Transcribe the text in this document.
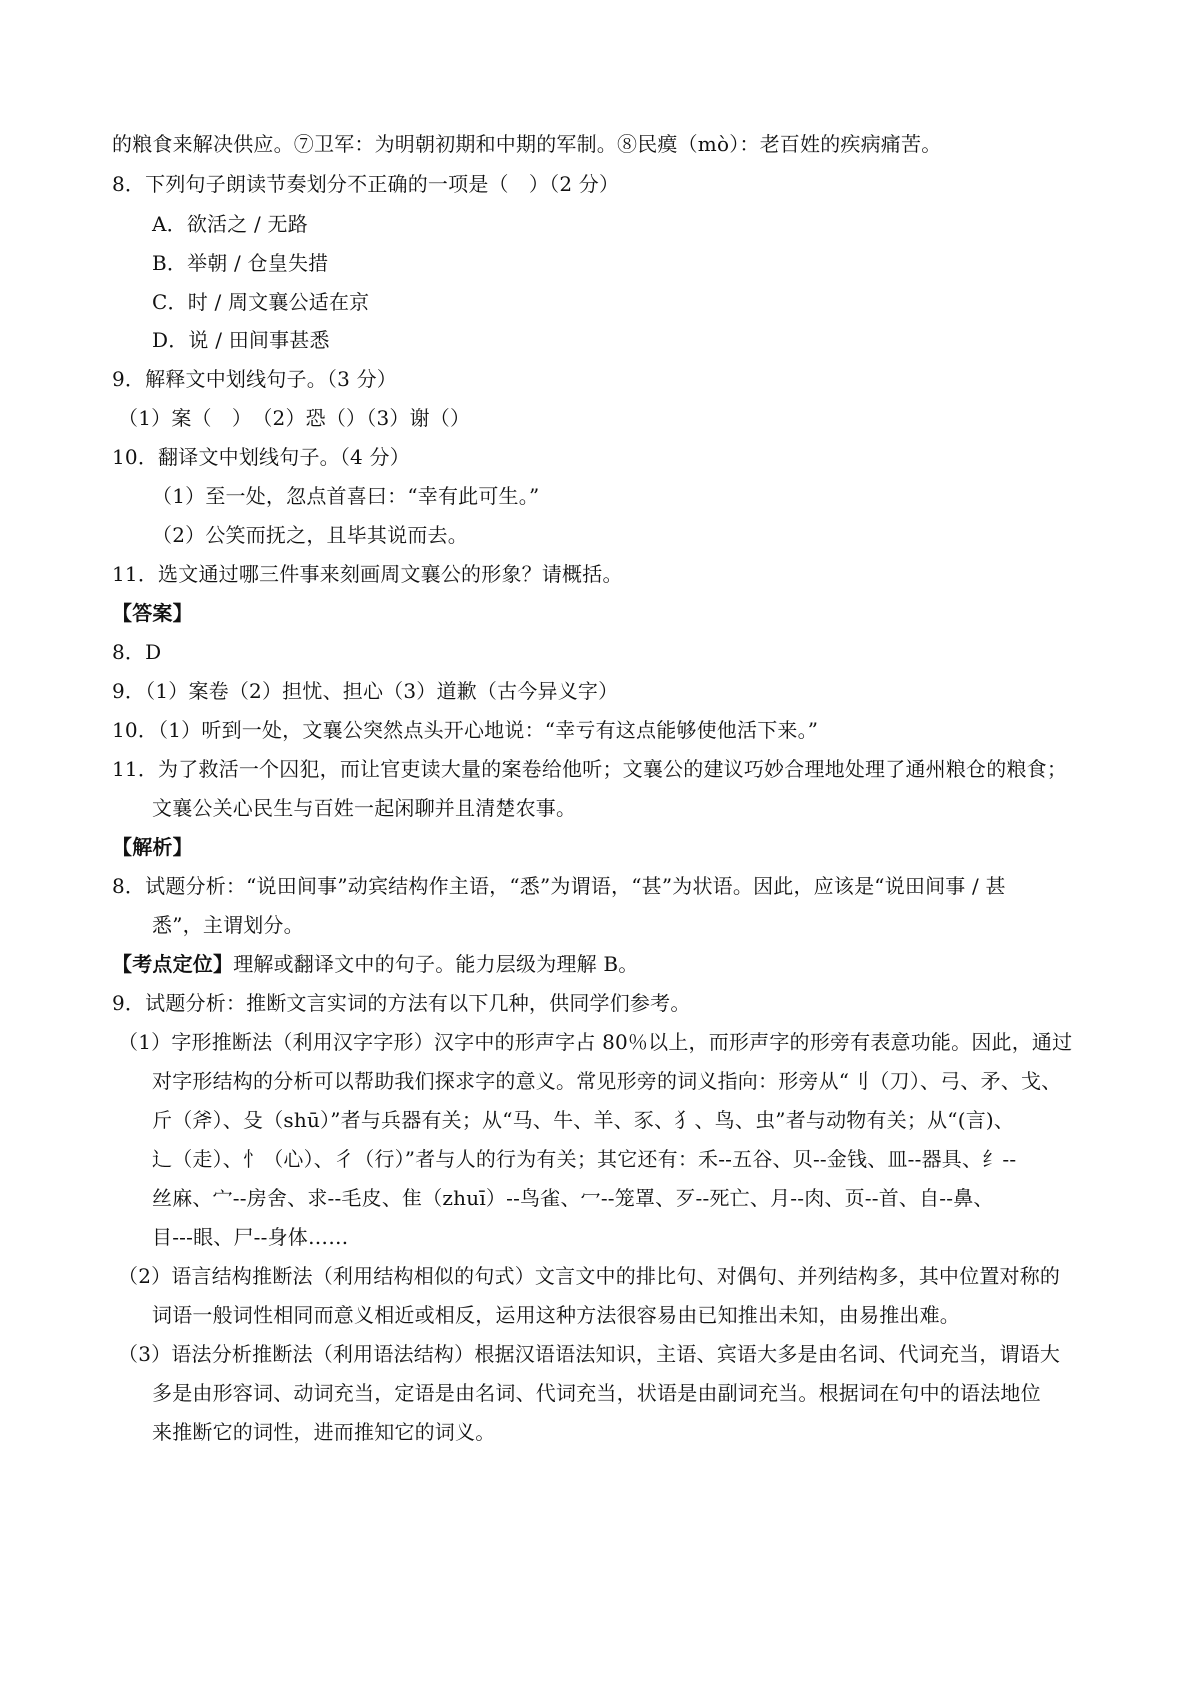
的粮食来解决供应。⑦卫军：为明朝初期和中期的军制。⑧民瘼（mò）：老百姓的疾病痛苦。
8．下列句子朗读节奏划分不正确的一项是（　）（2 分）
A．欲活之 / 无路
B．举朝 / 仓皇失措
C．时 / 周文襄公适在京
D．说 / 田间事甚悉
9．解释文中划线句子。（3 分）
（1）案（　）　（2）恐（）（3）谢（）
10．翻译文中划线句子。（4 分）
（1）至一处，忽点首喜曰：“幸有此可生。”
（2）公笑而抚之，且毕其说而去。
11．选文通过哪三件事来刻画周文襄公的形象？请概括。
【答案】
8．D
9．（1）案卷（2）担忧、担心（3）道歉（古今异义字）
10．（1）听到一处，文襄公突然点头开心地说：“幸亏有这点能够使他活下来。”
11．为了救活一个囚犯，而让官吏读大量的案卷给他听；文襄公的建议巧妙合理地处理了通州粮仓的粮食；
文襄公关心民生与百姓一起闲聊并且清楚农事。
【解析】
8．试题分析：“说田间事”动宾结构作主语，“悉”为谓语，“甚”为状语。因此，应该是“说田间事 / 甚
悉”，主谓划分。
【考点定位】理解或翻译文中的句子。能力层级为理解 B。
9．试题分析：推断文言实词的方法有以下几种，供同学们参考。
（1）字形推断法（利用汉字字形）汉字中的形声字占 80％以上，而形声字的形旁有表意功能。因此，通过
对字形结构的分析可以帮助我们探求字的意义。常见形旁的词义指向：形旁从“刂（刀）、弓、矛、戈、
斤（斧）、殳（shū）”者与兵器有关；从“马、牛、羊、豕、犭、鸟、虫”者与动物有关；从“(言)、
辶（走）、忄（心）、彳（行）”者与人的行为有关；其它还有：禾--五谷、贝--金钱、皿--器具、纟--
丝麻、宀--房舍、求--毛皮、隹（zhuī）--鸟雀、冖--笼罩、歹--死亡、月--肉、页--首、自--鼻、
目---眼、尸--身体……
（2）语言结构推断法（利用结构相似的句式）文言文中的排比句、对偶句、并列结构多，其中位置对称的
词语一般词性相同而意义相近或相反，运用这种方法很容易由已知推出未知，由易推出难。
（3）语法分析推断法（利用语法结构）根据汉语语法知识，主语、宾语大多是由名词、代词充当，谓语大
多是由形容词、动词充当，定语是由名词、代词充当，状语是由副词充当。根据词在句中的语法地位
来推断它的词性，进而推知它的词义。
